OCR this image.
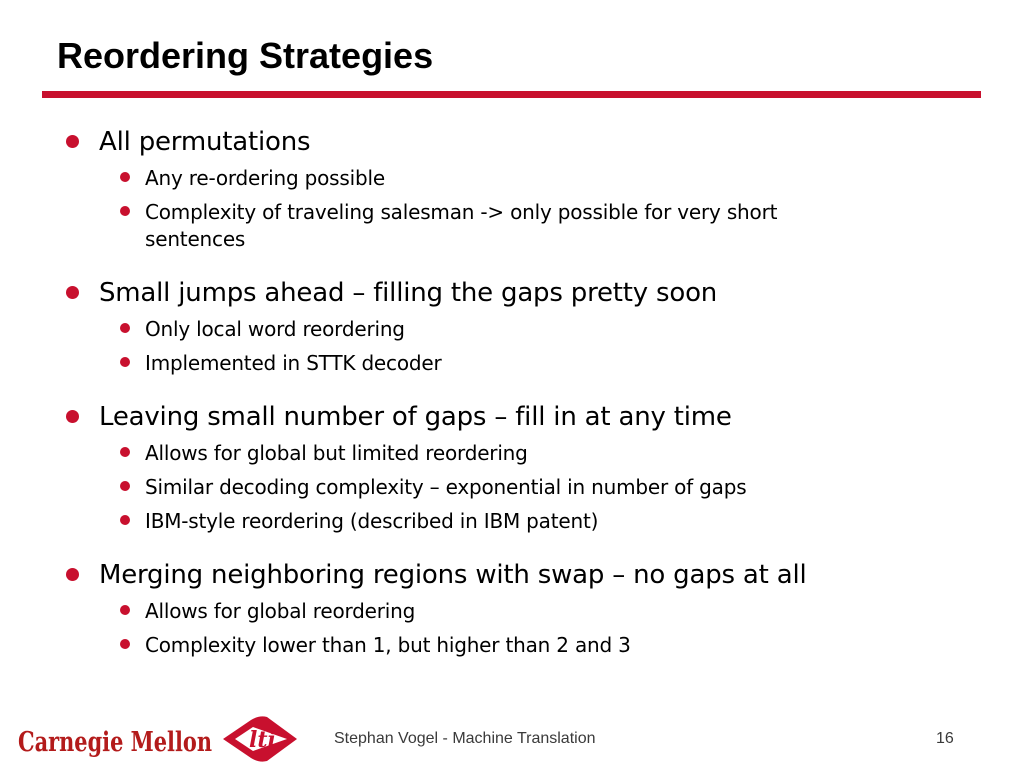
Reordering Strategies
All permutations
Any re-ordering possible
Complexity of traveling salesman -> only possible for very short
sentences
Small jumps ahead – filling the gaps pretty soon
Only local word reordering
Implemented in STTK decoder
Leaving small number of gaps – fill in at any time
Allows for global but limited reordering
Similar decoding complexity – exponential in number of gaps
IBM-style reordering (described in IBM patent)
Merging neighboring regions with swap – no gaps at all
Allows for global reordering
Complexity lower than 1, but higher than 2 and 3
Carnegie Mellon lti	Stephan Vogel - Machine Translation	16
